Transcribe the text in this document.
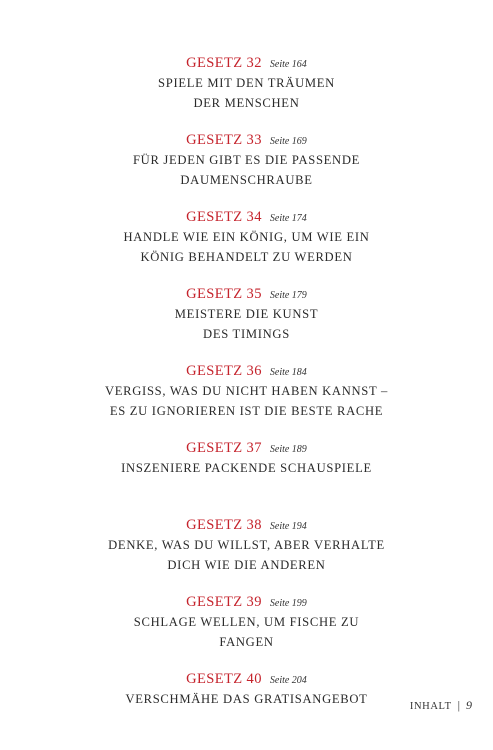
GESETZ 32 Seite 164
SPIELE MIT DEN TRÄUMEN
DER MENSCHEN
GESETZ 33 Seite 169
FÜR JEDEN GIBT ES DIE PASSENDE
DAUMENSCHRAUBE
GESETZ 34 Seite 174
HANDLE WIE EIN KÖNIG, UM WIE EIN
KÖNIG BEHANDELT ZU WERDEN
GESETZ 35 Seite 179
MEISTERE DIE KUNST
DES TIMINGS
GESETZ 36 Seite 184
VERGISS, WAS DU NICHT HABEN KANNST –
ES ZU IGNORIEREN IST DIE BESTE RACHE
GESETZ 37 Seite 189
INSZENIERE PACKENDE SCHAUSPIELE
GESETZ 38 Seite 194
DENKE, WAS DU WILLST, ABER VERHALTE
DICH WIE DIE ANDEREN
GESETZ 39 Seite 199
SCHLAGE WELLEN, UM FISCHE ZU
FANGEN
GESETZ 40 Seite 204
VERSCHMÄHE DAS GRATISANGEBOT
INHALT | 9
